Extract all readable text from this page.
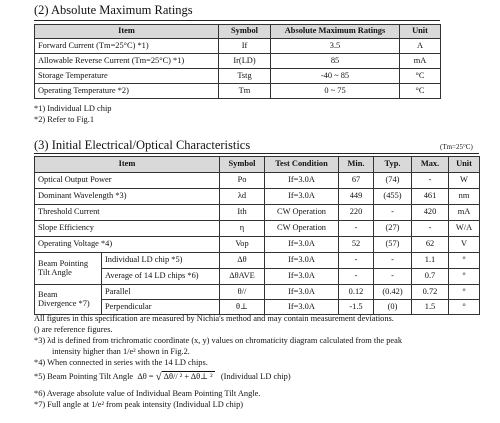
(2) Absolute Maximum Ratings
Item	Symbol	Absolute Maximum Ratings	Unit
Forward Current (Tm=25°C) *1)	If	3.5	A
Allowable Reverse Current (Tm=25°C) *1)	Ir(LD)	85	mA
Storage Temperature	Tstg	-40 ~ 85	°C
Operating Temperature *2)	Tm	0 ~ 75	°C
*1) Individual LD chip
*2) Refer to Fig.1
(3) Initial Electrical/Optical Characteristics	(Tm=25°C)
Item		Symbol	Test Condition	Min.	Typ.	Max.	Unit
Optical Output Power		Po	If=3.0A	67	(74)	-	W
Dominant Wavelength *3)		λd	If=3.0A	449	(455)	461	nm
Threshold Current		Ith	CW Operation	220	-	420	mA
Slope Efficiency		η	CW Operation	-	(27)	-	W/A
Operating Voltage *4)		Vop	If=3.0A	52	(57)	62	V
Beam Pointing Tilt Angle	Individual LD chip *5)	Δθ	If=3.0A	-	-	1.1	°
	Average of 14 LD chips *6)	ΔθAVE	If=3.0A	-	-	0.7	°
Beam Divergence *7)	Parallel	θ//	If=3.0A	0.12	(0.42)	0.72	°
	Perpendicular	θ⊥	If=3.0A	-1.5	(0)	1.5	°
All figures in this specification are measured by Nichia's method and may contain measurement deviations.
() are reference figures.
*3) λd is defined from trichromatic coordinate (x, y) values on chromaticity diagram calculated from the peak
intensity higher than 1/e² shown in Fig.2.
*4) When connected in series with the 14 LD chips.
*5) Beam Pointing Tilt Angle Δθ = √ Δθ// ² + Δθ⊥ ² (Individual LD chip)
*6) Average absolute value of Individual Beam Pointing Tilt Angle.
*7) Full angle at 1/e² from peak intensity (Individual LD chip)
